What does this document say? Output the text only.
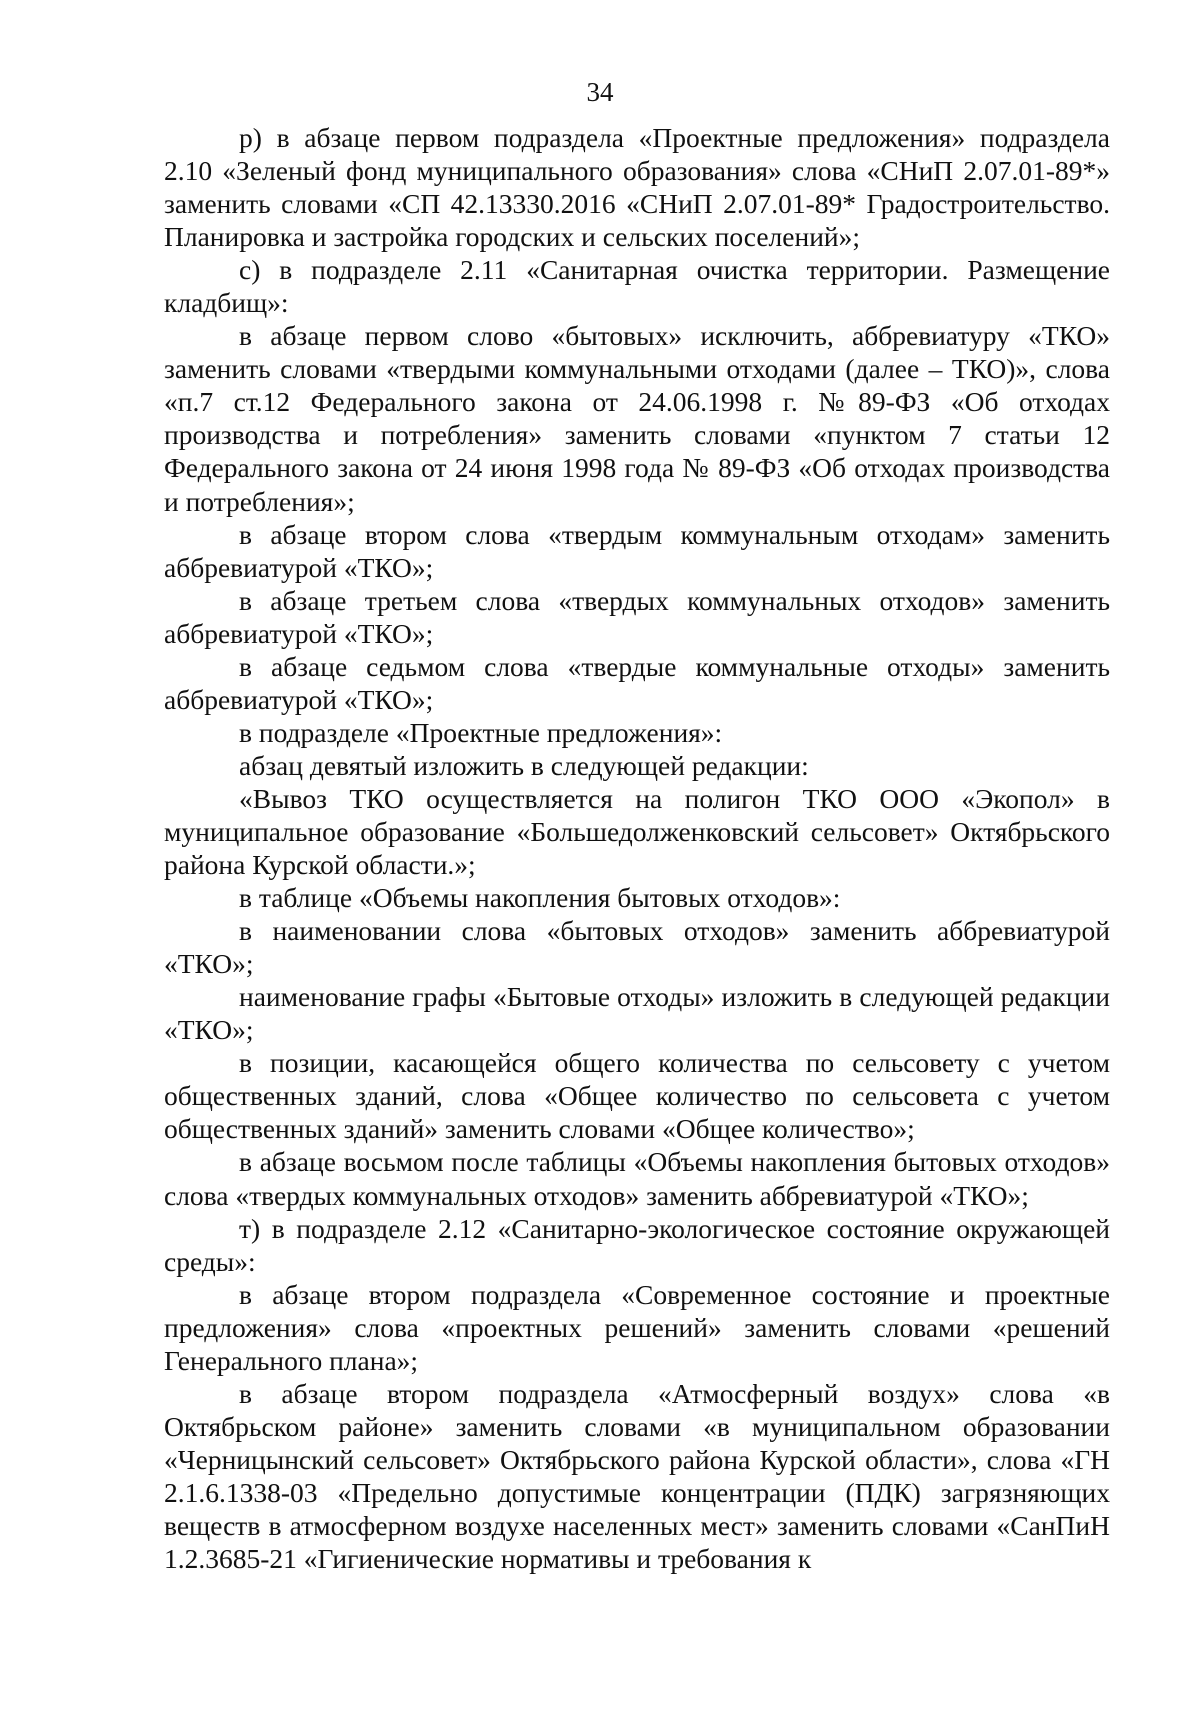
34

р) в абзаце первом подраздела «Проектные предложения» подраздела 2.10 «Зеленый фонд муниципального образования» слова «СНиП 2.07.01-89*» заменить словами «СП 42.13330.2016 «СНиП 2.07.01-89* Градостроительство. Планировка и застройка городских и сельских поселений»;

с) в подразделе 2.11 «Санитарная очистка территории. Размещение кладбищ»:

в абзаце первом слово «бытовых» исключить, аббревиатуру «ТКО» заменить словами «твердыми коммунальными отходами (далее – ТКО)», слова «п.7 ст.12 Федерального закона от 24.06.1998 г. №89-ФЗ «Об отходах производства и потребления» заменить словами «пунктом 7 статьи 12 Федерального закона от 24 июня 1998 года № 89-ФЗ «Об отходах производства и потребления»;

в абзаце втором слова «твердым коммунальным отходам» заменить аббревиатурой «ТКО»;

в абзаце третьем слова «твердых коммунальных отходов» заменить аббревиатурой «ТКО»;

в абзаце седьмом слова «твердые коммунальные отходы» заменить аббревиатурой «ТКО»;

в подразделе «Проектные предложения»:

абзац девятый изложить в следующей редакции:

«Вывоз ТКО осуществляется на полигон ТКО ООО «Экопол» в муниципальное образование «Большедолженковский сельсовет» Октябрьского района Курской области.»;

в таблице «Объемы накопления бытовых отходов»:

в наименовании слова «бытовых отходов» заменить аббревиатурой «ТКО»;

наименование графы «Бытовые отходы» изложить в следующей редакции «ТКО»;

в позиции, касающейся общего количества по сельсовету с учетом общественных зданий, слова «Общее количество по сельсовета с учетом общественных зданий» заменить словами «Общее количество»;

в абзаце восьмом после таблицы «Объемы накопления бытовых отходов» слова «твердых коммунальных отходов» заменить аббревиатурой «ТКО»;

т) в подразделе 2.12 «Санитарно-экологическое состояние окружающей среды»:

в абзаце втором подраздела «Современное состояние и проектные предложения» слова «проектных решений» заменить словами «решений Генерального плана»;

в абзаце втором подраздела «Атмосферный воздух» слова «в Октябрьском районе» заменить словами «в муниципальном образовании «Черницынский сельсовет» Октябрьского района Курской области», слова «ГН 2.1.6.1338-03 «Предельно допустимые концентрации (ПДК) загрязняющих веществ в атмосферном воздухе населенных мест» заменить словами «СанПиН 1.2.3685-21 «Гигиенические нормативы и требования к
